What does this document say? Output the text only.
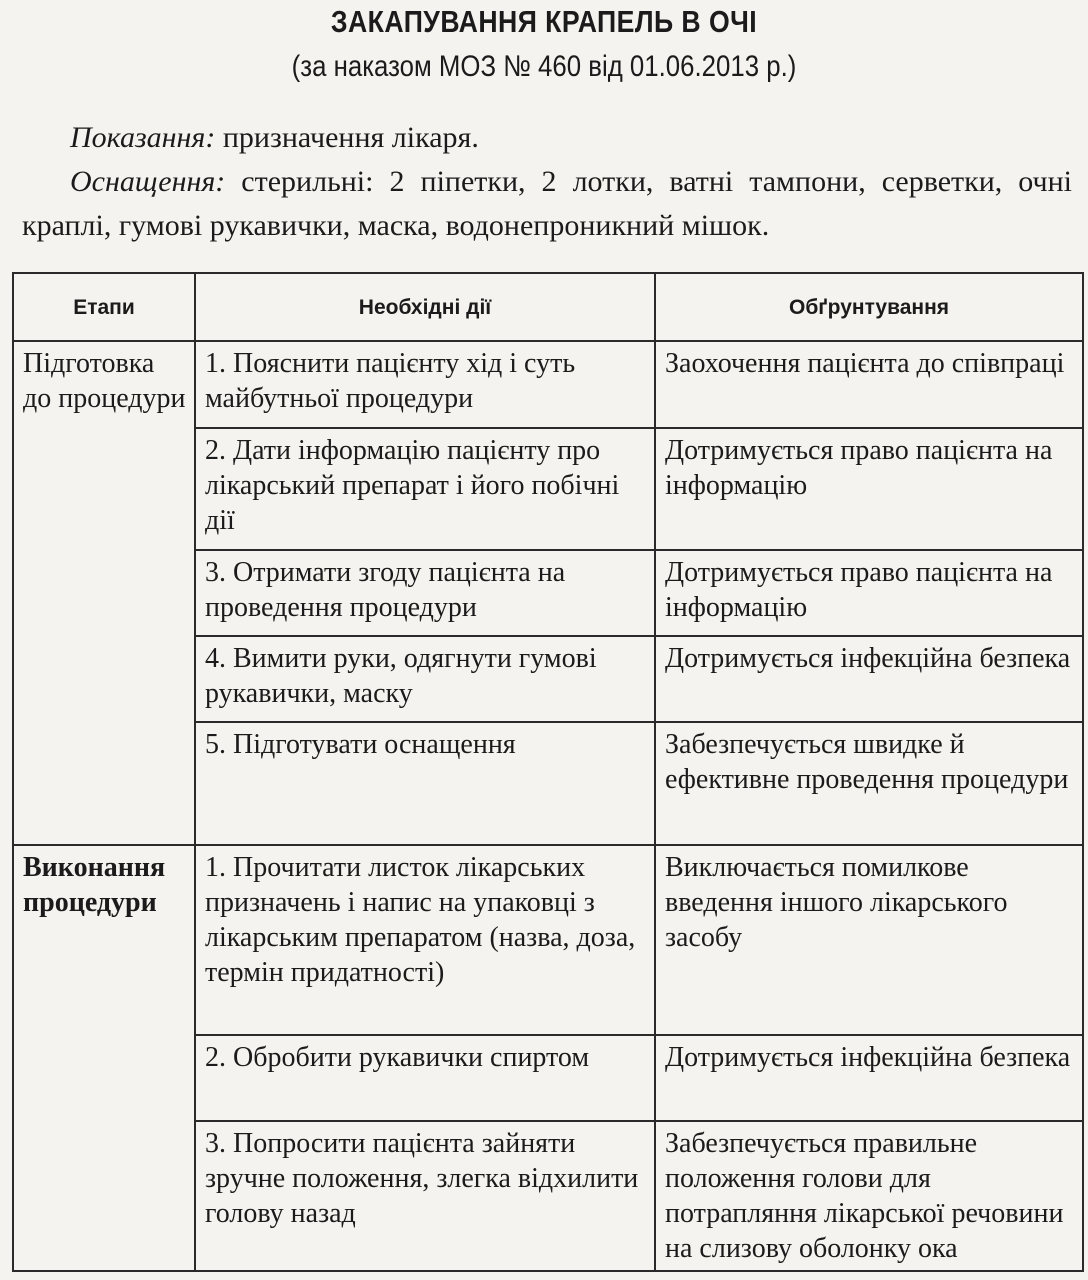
ЗАКАПУВАННЯ КРАПЕЛЬ В ОЧІ
(за наказом МОЗ № 460 від 01.06.2013 р.)

Показання: призначення лікаря.

Оснащення: стерильні: 2 піпетки, 2 лотки, ватні тампони, серветки, очні краплі, гумові рукавички, маска, водонепроникний мішок.

Етапи	Необхідні дії	Обґрунтування
Підготовка до процедури	1. Пояснити пацієнту хід і суть майбутньої процедури	Заохочення пацієнта до співпраці
	2. Дати інформацію пацієнту про лікарський препарат і його побічні дії	Дотримується право пацієнта на інформацію
	3. Отримати згоду пацієнта на проведення процедури	Дотримується право пацієнта на інформацію
	4. Вимити руки, одягнути гумові рукавички, маску	Дотримується інфекційна безпека
	5. Підготувати оснащення	Забезпечується швидке й ефективне проведення процедури
Виконання процедури	1. Прочитати листок лікарських призначень і напис на упаковці з лікарським препаратом (назва, доза, термін придатності)	Виключається помилкове введення іншого лікарського засобу
	2. Обробити рукавички спиртом	Дотримується інфекційна безпека
	3. Попросити пацієнта зайняти зручне положення, злегка відхилити голову назад	Забезпечується правильне положення голови для потрапляння лікарської речовини на слизову оболонку ока
